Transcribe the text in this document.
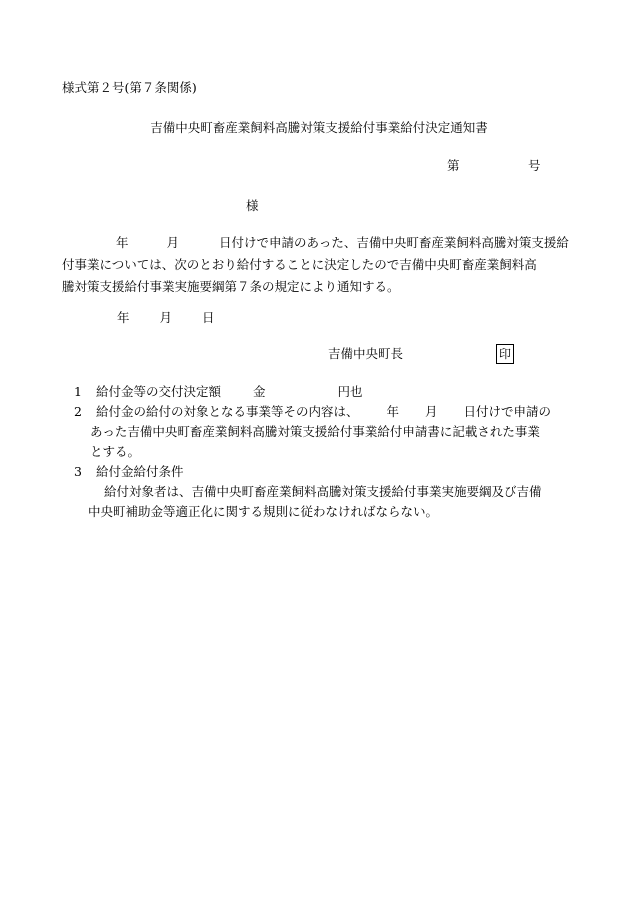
様式第２号(第７条関係)
吉備中央町畜産業飼料高騰対策支援給付事業給付決定通知書
第	号
様
年	月	日付けで申請のあった、吉備中央町畜産業飼料高騰対策支援給
付事業については、次のとおり給付することに決定したので吉備中央町畜産業飼料高
騰対策支援給付事業実施要綱第７条の規定により通知する。
年 月 日
吉備中央町長	印
1 給付金等の交付決定額	金	円也
2 給付金の給付の対象となる事業等その内容は、 年 月 日付けで申請の
あった吉備中央町畜産業飼料高騰対策支援給付事業給付申請書に記載された事業
とする。
3 給付金給付条件
給付対象者は、吉備中央町畜産業飼料高騰対策支援給付事業実施要綱及び吉備
中央町補助金等適正化に関する規則に従わなければならない。
